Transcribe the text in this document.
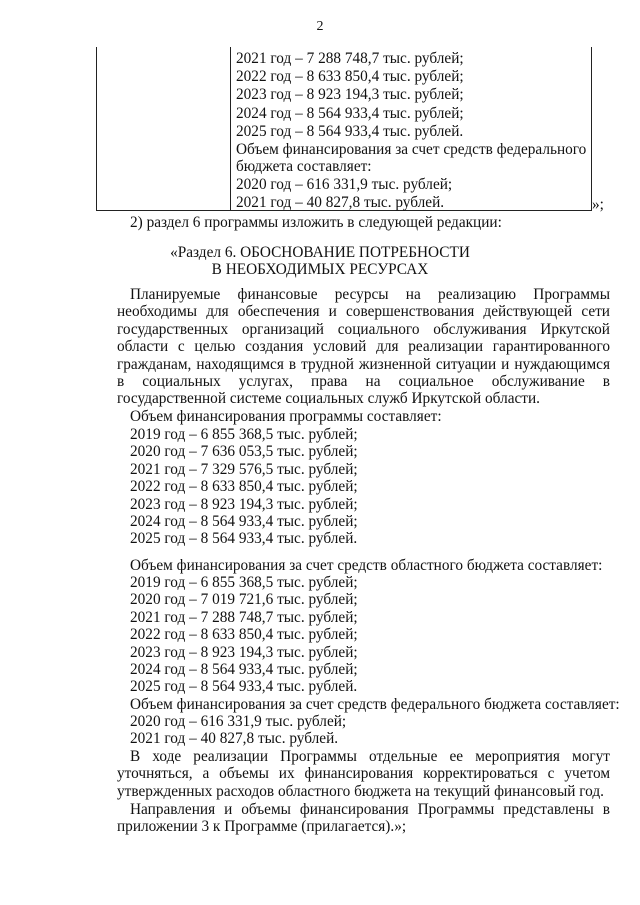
2
2021 год – 7 288 748,7 тыс. рублей;
2022 год – 8 633 850,4 тыс. рублей;
2023 год – 8 923 194,3 тыс. рублей;
2024 год – 8 564 933,4 тыс. рублей;
2025 год – 8 564 933,4 тыс. рублей.
Объем финансирования за счет средств федерального бюджета составляет:
2020 год – 616 331,9 тыс. рублей;
2021 год – 40 827,8 тыс. рублей.	»;
2) раздел 6 программы изложить в следующей редакции:
«Раздел 6. ОБОСНОВАНИЕ ПОТРЕБНОСТИ
В НЕОБХОДИМЫХ РЕСУРСАХ
Планируемые финансовые ресурсы на реализацию Программы необходимы для обеспечения и совершенствования действующей сети государственных организаций социального обслуживания Иркутской области с целью создания условий для реализации гарантированного гражданам, находящимся в трудной жизненной ситуации и нуждающимся в социальных услугах, права на социальное обслуживание в государственной системе социальных служб Иркутской области.
Объем финансирования программы составляет:
2019 год – 6 855 368,5 тыс. рублей;
2020 год – 7 636 053,5 тыс. рублей;
2021 год – 7 329 576,5 тыс. рублей;
2022 год – 8 633 850,4 тыс. рублей;
2023 год – 8 923 194,3 тыс. рублей;
2024 год – 8 564 933,4 тыс. рублей;
2025 год – 8 564 933,4 тыс. рублей.
Объем финансирования за счет средств областного бюджета составляет:
2019 год – 6 855 368,5 тыс. рублей;
2020 год – 7 019 721,6 тыс. рублей;
2021 год – 7 288 748,7 тыс. рублей;
2022 год – 8 633 850,4 тыс. рублей;
2023 год – 8 923 194,3 тыс. рублей;
2024 год – 8 564 933,4 тыс. рублей;
2025 год – 8 564 933,4 тыс. рублей.
Объем финансирования за счет средств федерального бюджета составляет:
2020 год – 616 331,9 тыс. рублей;
2021 год – 40 827,8 тыс. рублей.
В ходе реализации Программы отдельные ее мероприятия могут уточняться, а объемы их финансирования корректироваться с учетом утвержденных расходов областного бюджета на текущий финансовый год.
Направления и объемы финансирования Программы представлены в приложении 3 к Программе (прилагается).»;
